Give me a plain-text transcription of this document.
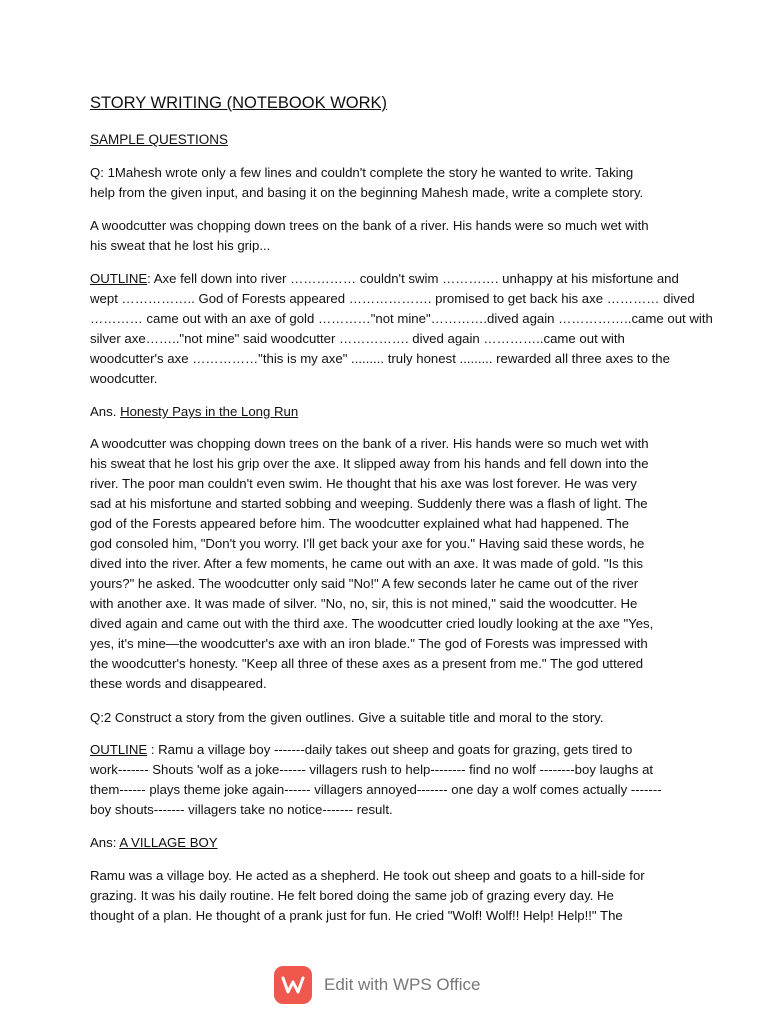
STORY WRITING (NOTEBOOK WORK)
SAMPLE QUESTIONS
Q: 1Mahesh wrote only a few lines and couldn't complete the story he wanted to write. Taking
help from the given input, and basing it on the beginning Mahesh made, write a complete story.
A woodcutter was chopping down trees on the bank of a river. His hands were so much wet with
his sweat that he lost his grip...
OUTLINE: Axe fell down into river …………… couldn't swim …………. unhappy at his misfortune and
wept …………….. God of Forests appeared ………………. promised to get back his axe ………… dived
………… came out with an axe of gold …………"not mine"………….dived again ……………..came out with
silver axe…….."not mine" said woodcutter ……………. dived again …………..came out with
woodcutter's axe ……………"this is my axe" ......... truly honest ......... rewarded all three axes to the
woodcutter.
Ans. Honesty Pays in the Long Run
A woodcutter was chopping down trees on the bank of a river. His hands were so much wet with
his sweat that he lost his grip over the axe. It slipped away from his hands and fell down into the
river. The poor man couldn't even swim. He thought that his axe was lost forever. He was very
sad at his misfortune and started sobbing and weeping. Suddenly there was a flash of light. The
god of the Forests appeared before him. The woodcutter explained what had happened. The
god consoled him, "Don't you worry. I'll get back your axe for you." Having said these words, he
dived into the river. After a few moments, he came out with an axe. It was made of gold. "Is this
yours?" he asked. The woodcutter only said "No!" A few seconds later he came out of the river
with another axe. It was made of silver. "No, no, sir, this is not mined," said the woodcutter. He
dived again and came out with the third axe. The woodcutter cried loudly looking at the axe "Yes,
yes, it's mine—the woodcutter's axe with an iron blade." The god of Forests was impressed with
the woodcutter's honesty. "Keep all three of these axes as a present from me." The god uttered
these words and disappeared.
Q:2 Construct a story from the given outlines. Give a suitable title and moral to the story.
OUTLINE : Ramu a village boy -------daily takes out sheep and goats for grazing, gets tired to
work------- Shouts 'wolf as a joke------ villagers rush to help-------- find no wolf --------boy laughs at
them------ plays theme joke again------ villagers annoyed------- one day a wolf comes actually -------
boy shouts------- villagers take no notice------- result.
Ans: A VILLAGE BOY
Ramu was a village boy. He acted as a shepherd. He took out sheep and goats to a hill-side for
grazing. It was his daily routine. He felt bored doing the same job of grazing every day. He
thought of a plan. He thought of a prank just for fun. He cried "Wolf! Wolf!! Help! Help!!" The
Edit with WPS Office
